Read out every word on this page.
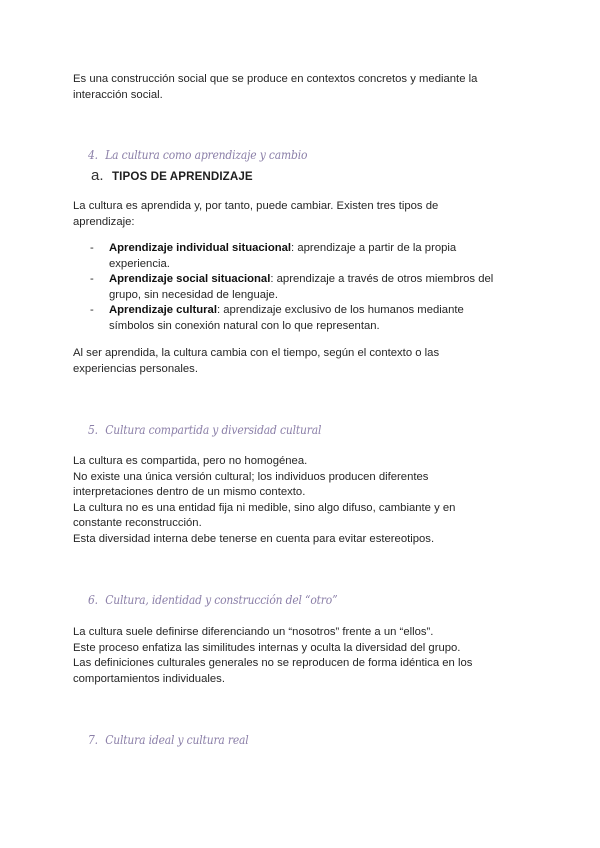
Es una construcción social que se produce en contextos concretos y mediante la
interacción social.

4. La cultura como aprendizaje y cambio
a. TIPOS DE APRENDIZAJE

La cultura es aprendida y, por tanto, puede cambiar. Existen tres tipos de
aprendizaje:

- Aprendizaje individual situacional: aprendizaje a partir de la propia
experiencia.
- Aprendizaje social situacional: aprendizaje a través de otros miembros del
grupo, sin necesidad de lenguaje.
- Aprendizaje cultural: aprendizaje exclusivo de los humanos mediante
símbolos sin conexión natural con lo que representan.

Al ser aprendida, la cultura cambia con el tiempo, según el contexto o las
experiencias personales.

5. Cultura compartida y diversidad cultural

La cultura es compartida, pero no homogénea.
No existe una única versión cultural; los individuos producen diferentes
interpretaciones dentro de un mismo contexto.
La cultura no es una entidad fija ni medible, sino algo difuso, cambiante y en
constante reconstrucción.
Esta diversidad interna debe tenerse en cuenta para evitar estereotipos.

6. Cultura, identidad y construcción del “otro”

La cultura suele definirse diferenciando un “nosotros” frente a un “ellos”.
Este proceso enfatiza las similitudes internas y oculta la diversidad del grupo.
Las definiciones culturales generales no se reproducen de forma idéntica en los
comportamientos individuales.

7. Cultura ideal y cultura real
